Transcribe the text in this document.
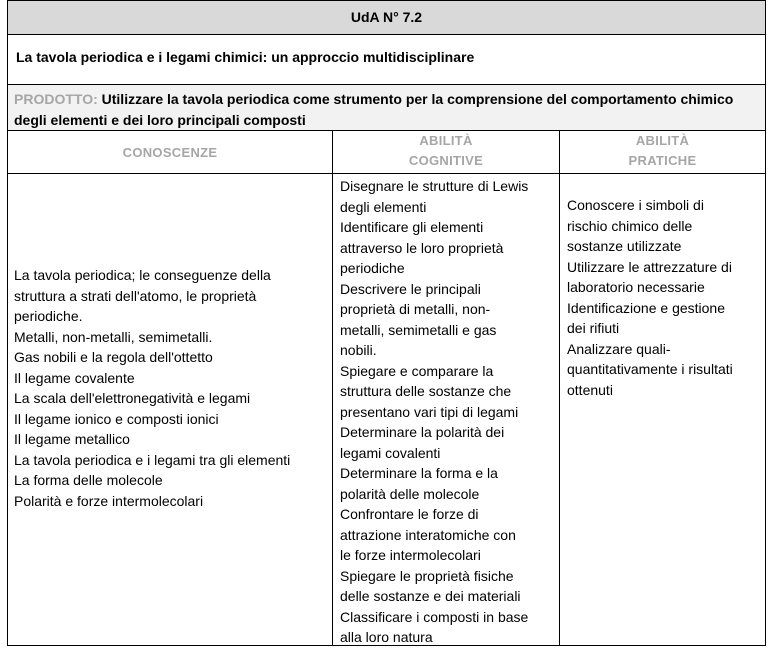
UdA N° 7.2
La tavola periodica e i legami chimici: un approccio multidisciplinare
PRODOTTO: Utilizzare la tavola periodica come strumento per la comprensione del comportamento chimico degli elementi e dei loro principali composti
CONOSCENZE
ABILITÀ
COGNITIVE
ABILITÀ
PRATICHE
La tavola periodica; le conseguenze della
struttura a strati dell'atomo, le proprietà
periodiche.
Metalli, non-metalli, semimetalli.
Gas nobili e la regola dell'ottetto
Il legame covalente
La scala dell'elettronegatività e legami
Il legame ionico e composti ionici
Il legame metallico
La tavola periodica e i legami tra gli elementi
La forma delle molecole
Polarità e forze intermolecolari
Disegnare le strutture di Lewis
degli elementi
Identificare gli elementi
attraverso le loro proprietà
periodiche
Descrivere le principali
proprietà di metalli, non-
metalli, semimetalli e gas
nobili.
Spiegare e comparare la
struttura delle sostanze che
presentano vari tipi di legami
Determinare la polarità dei
legami covalenti
Determinare la forma e la
polarità delle molecole
Confrontare le forze di
attrazione interatomiche con
le forze intermolecolari
Spiegare le proprietà fisiche
delle sostanze e dei materiali
Classificare i composti in base
alla loro natura
Conoscere i simboli di
rischio chimico delle
sostanze utilizzate
Utilizzare le attrezzature di
laboratorio necessarie
Identificazione e gestione
dei rifiuti
Analizzare quali-
quantitativamente i risultati
ottenuti
